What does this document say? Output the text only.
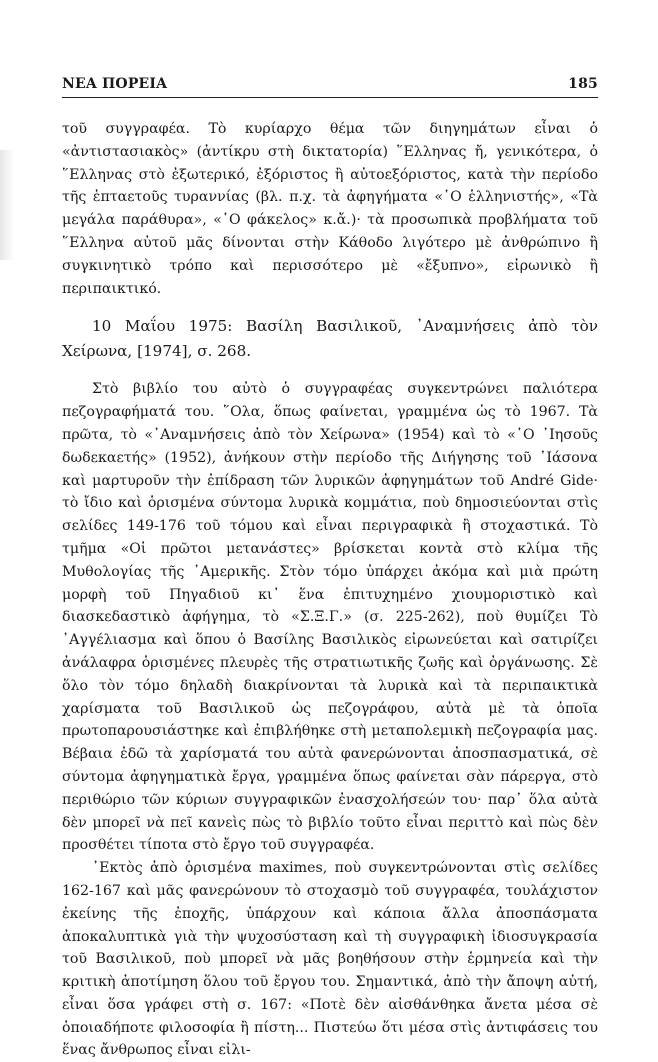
ΝΕΑ ΠΟΡΕΙΑ	185

τοῦ συγγραφέα. Τὸ κυρίαρχο θέμα τῶν διηγημάτων εἶναι ὁ «ἀντιστασιακὸς» (ἀντίκρυ στὴ δικτατορία) ῞Ελληνας ἤ, γενικότερα, ὁ ῞Ελληνας στὸ ἐξωτερικό, ἐξόριστος ἢ αὐτοεξόριστος, κατὰ τὴν περίοδο τῆς ἑπταετοῦς τυραννίας (βλ. π.χ. τὰ ἀφηγήματα «῾Ο ἑλληνιστής», «Τὰ μεγάλα παράθυρα», «῾Ο φάκελος» κ.ἄ.)· τὰ προσωπικὰ προβλήματα τοῦ ῞Ελληνα αὐτοῦ μᾶς δίνονται στὴν Κάθοδο λιγότερο μὲ ἀνθρώπινο ἢ συγκινητικὸ τρόπο καὶ περισσότερο μὲ «ἔξυπνο», εἰρωνικὸ ἢ περιπαικτικό.

10 Μαΐου 1975: Βασίλη Βασιλικοῦ, ᾿Αναμνήσεις ἀπὸ τὸν Χείρωνα, [1974], σ. 268.

Στὸ βιβλίο του αὐτὸ ὁ συγγραφέας συγκεντρώνει παλιότερα πεζογραφήματά του. ῞Ολα, ὅπως φαίνεται, γραμμένα ὡς τὸ 1967. Τὰ πρῶτα, τὸ «᾿Αναμνήσεις ἀπὸ τὸν Χείρωνα» (1954) καὶ τὸ «῾Ο ᾿Ιησοῦς δωδεκαετής» (1952), ἀνήκουν στὴν περίοδο τῆς Διήγησης τοῦ ᾿Ιάσονα καὶ μαρτυροῦν τὴν ἐπίδραση τῶν λυρικῶν ἀφηγημάτων τοῦ André Gide· τὸ ἴδιο καὶ ὁρισμένα σύντομα λυρικὰ κομμάτια, ποὺ δημοσιεύονται στὶς σελίδες 149-176 τοῦ τόμου καὶ εἶναι περιγραφικὰ ἢ στοχαστικά. Τὸ τμῆμα «Οἱ πρῶτοι μετανάστες» βρίσκεται κοντὰ στὸ κλίμα τῆς Μυθολογίας τῆς ᾿Αμερικῆς. Στὸν τόμο ὑπάρχει ἀκόμα καὶ μιὰ πρώτη μορφὴ τοῦ Πηγαδιοῦ κι᾿ ἕνα ἐπιτυχημένο χιουμοριστικὸ καὶ διασκεδαστικὸ ἀφήγημα, τὸ «Σ.Ξ.Γ.» (σ. 225-262), ποὺ θυμίζει Τὸ ᾿Αγγέλιασμα καὶ ὅπου ὁ Βασίλης Βασιλικὸς εἰρωνεύεται καὶ σατιρίζει ἀνάλαφρα ὁρισμένες πλευρὲς τῆς στρατιωτικῆς ζωῆς καὶ ὀργάνωσης. Σὲ ὅλο τὸν τόμο δηλαδὴ διακρίνονται τὰ λυρικὰ καὶ τὰ περιπαικτικὰ χαρίσματα τοῦ Βασιλικοῦ ὡς πεζογράφου, αὐτὰ μὲ τὰ ὁποῖα πρωτοπαρουσιάστηκε καὶ ἐπιβλήθηκε στὴ μεταπολεμικὴ πεζογραφία μας. Βέβαια ἐδῶ τὰ χαρίσματά του αὐτὰ φανερώνονται ἀποσπασματικά, σὲ σύντομα ἀφηγηματικὰ ἔργα, γραμμένα ὅπως φαίνεται σὰν πάρεργα, στὸ περιθώριο τῶν κύριων συγγραφικῶν ἐνασχολήσεών του· παρ᾿ ὅλα αὐτὰ δὲν μπορεῖ νὰ πεῖ κανεὶς πὼς τὸ βιβλίο τοῦτο εἶναι περιττὸ καὶ πὼς δὲν προσθέτει τίποτα στὸ ἔργο τοῦ συγγραφέα.

᾿Εκτὸς ἀπὸ ὁρισμένα maximes, ποὺ συγκεντρώνονται στὶς σελίδες 162-167 καὶ μᾶς φανερώνουν τὸ στοχασμὸ τοῦ συγγραφέα, τουλάχιστον ἐκείνης τῆς ἐποχῆς, ὑπάρχουν καὶ κάποια ἄλλα ἀποσπάσματα ἀποκαλυπτικὰ γιὰ τὴν ψυχοσύσταση καὶ τὴ συγγραφικὴ ἰδιοσυγκρασία τοῦ Βασιλικοῦ, ποὺ μπορεῖ νὰ μᾶς βοηθήσουν στὴν ἑρμηνεία καὶ τὴν κριτικὴ ἀποτίμηση ὅλου τοῦ ἔργου του. Σημαντικά, ἀπὸ τὴν ἄποψη αὐτή, εἶναι ὅσα γράφει στὴ σ. 167: «Ποτὲ δὲν αἰσθάνθηκα ἄνετα μέσα σὲ ὁποιαδήποτε φιλοσοφία ἢ πίστη... Πιστεύω ὅτι μέσα στὶς ἀντιφάσεις του ἕνας ἄνθρωπος εἶναι εἰλι-
